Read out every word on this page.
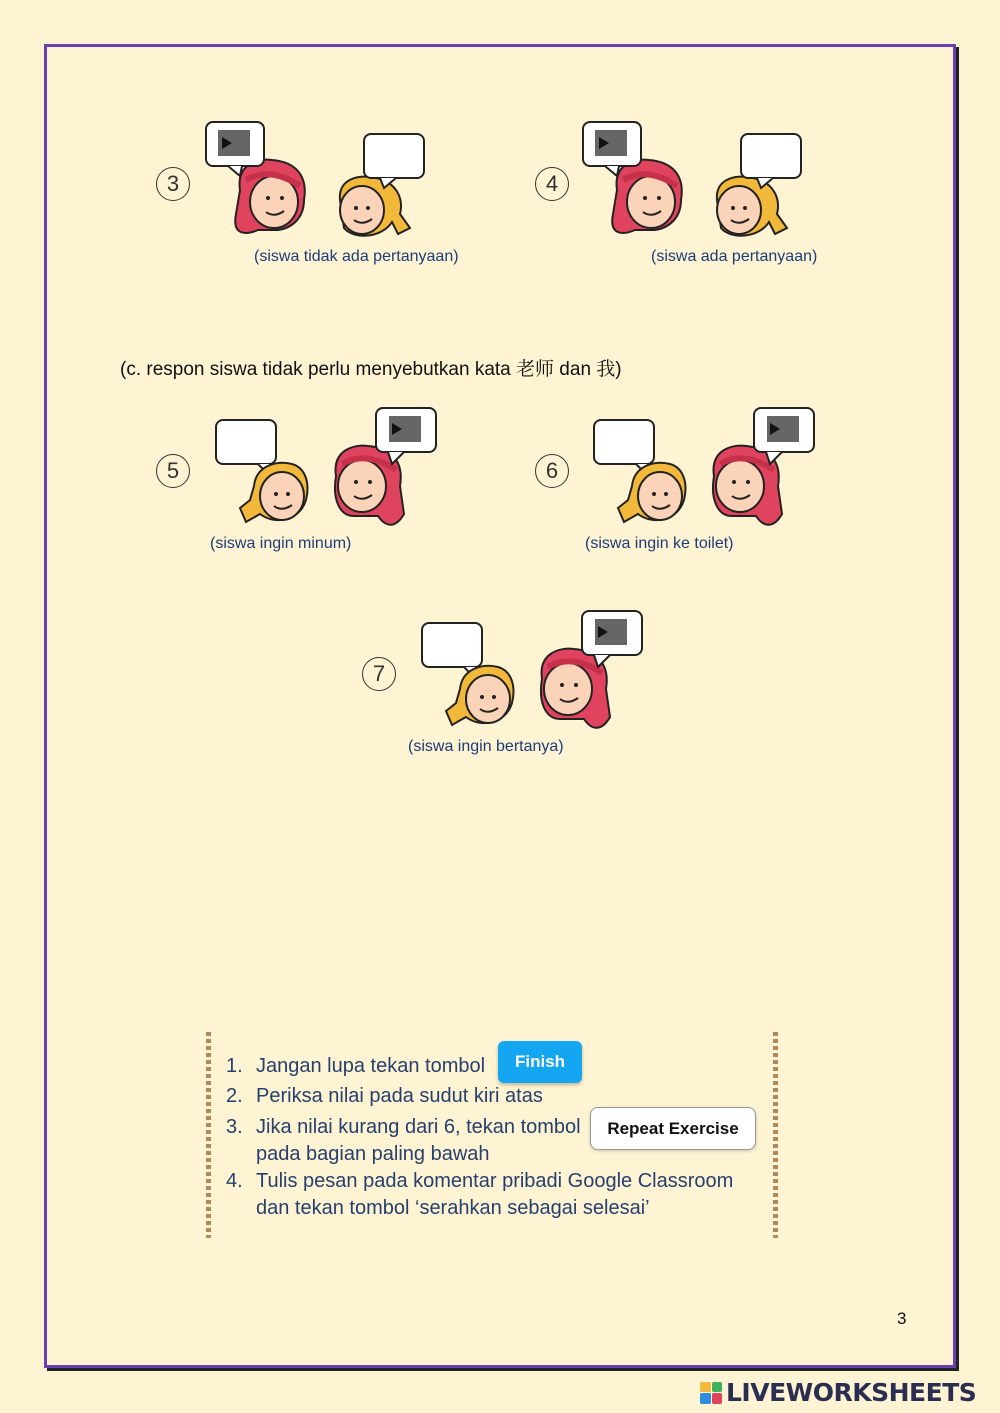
3
(siswa tidak ada pertanyaan)
4
(siswa ada pertanyaan)
(c. respon siswa tidak perlu menyebutkan kata 老师 dan 我)
5
(siswa ingin minum)
6
(siswa ingin ke toilet)
7
(siswa ingin bertanya)
1. Jangan lupa tekan tombol
2. Periksa nilai pada sudut kiri atas
3. Jika nilai kurang dari 6, tekan tombol
pada bagian paling bawah
4. Tulis pesan pada komentar pribadi Google Classroom
dan tekan tombol ‘serahkan sebagai selesai’
Finish
Repeat Exercise
3
LIVEWORKSHEETS
